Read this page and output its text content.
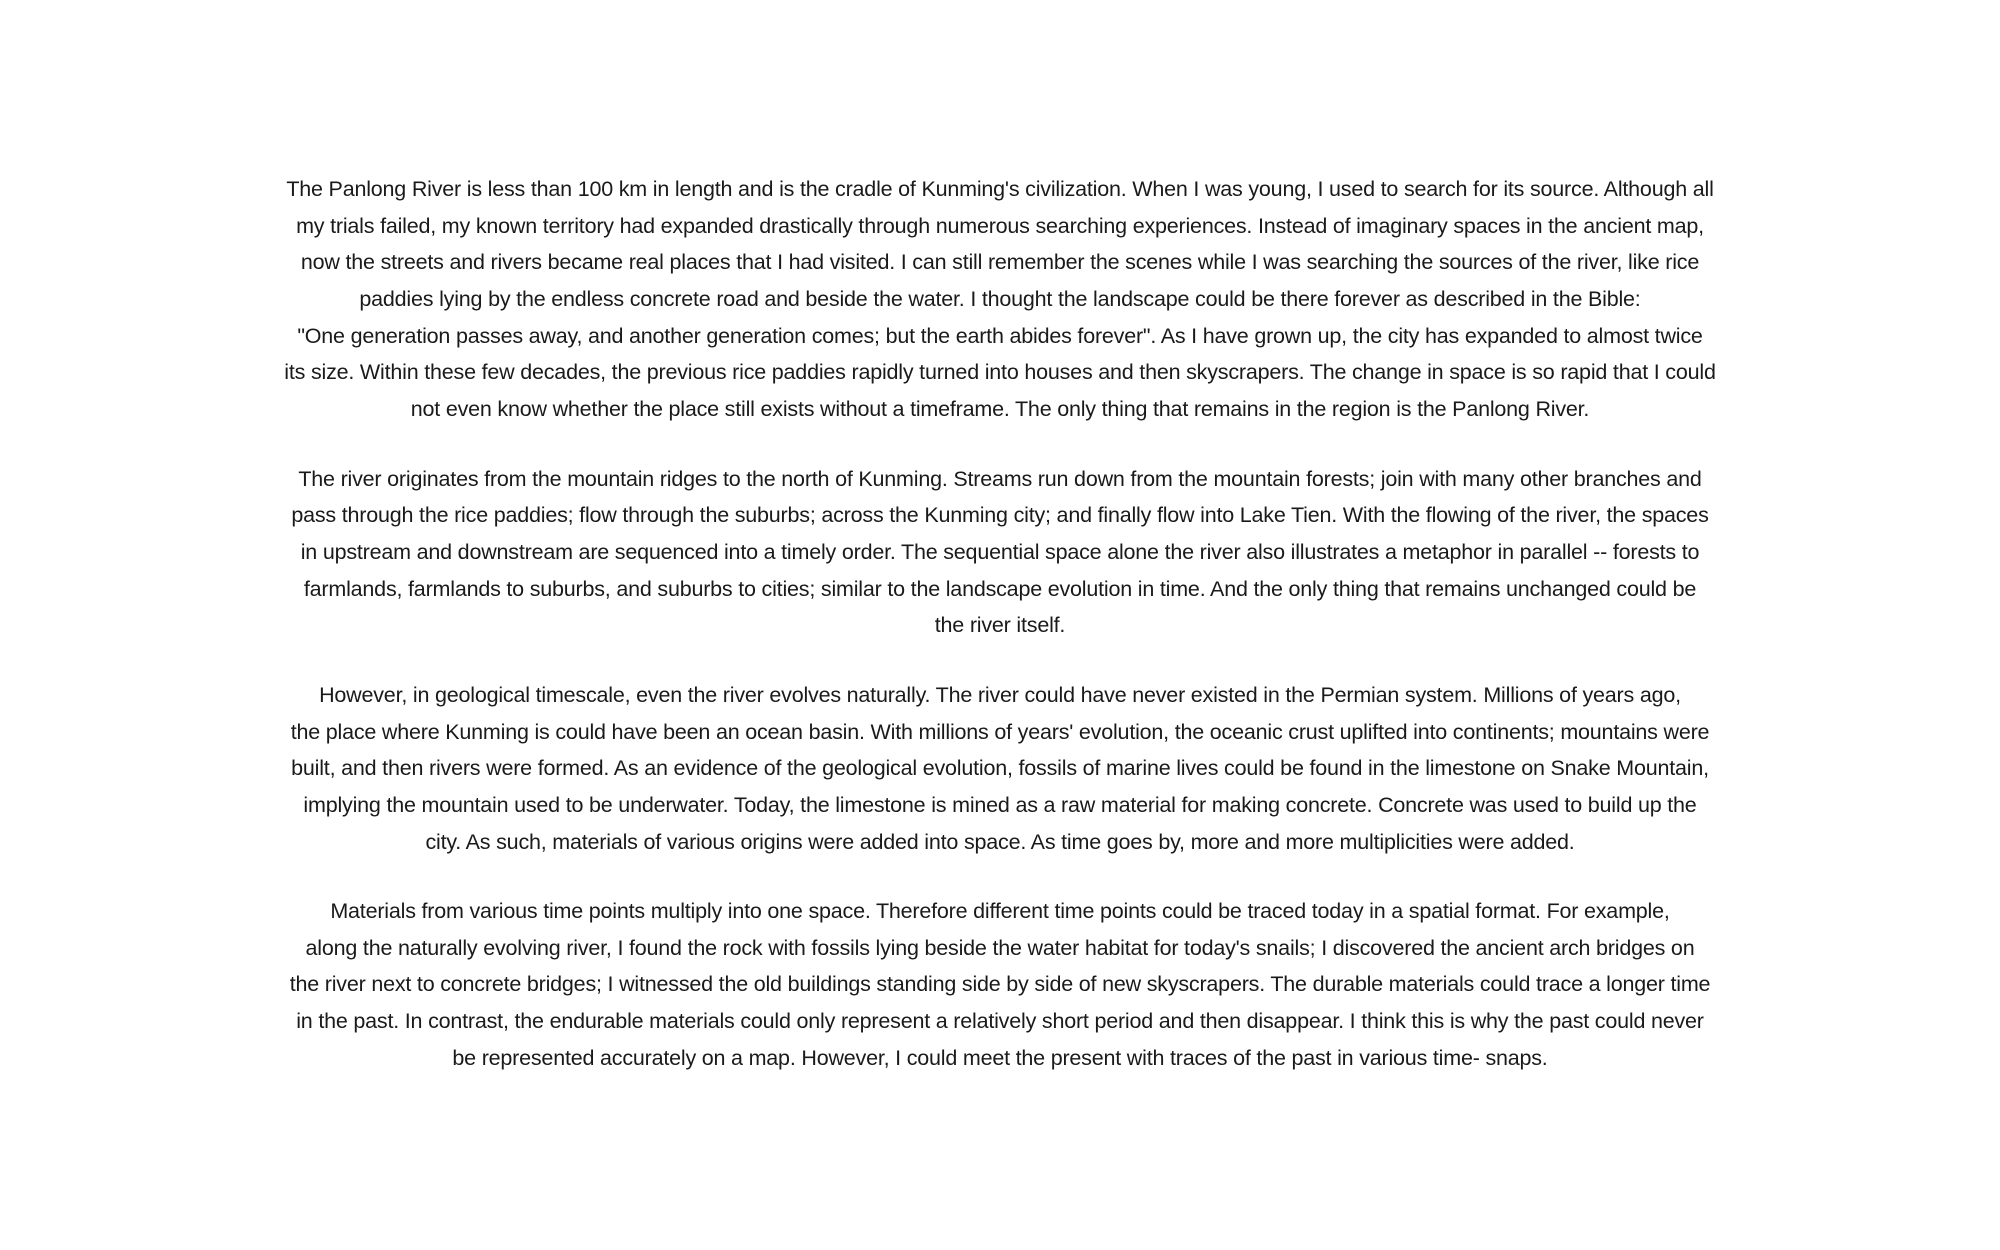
The Panlong River is less than 100 km in length and is the cradle of Kunming's civilization. When I was young, I used to search for its source. Although all
my trials failed, my known territory had expanded drastically through numerous searching experiences. Instead of imaginary spaces in the ancient map,
now the streets and rivers became real places that I had visited. I can still remember the scenes while I was searching the sources of the river, like rice
paddies lying by the endless concrete road and beside the water. I thought the landscape could be there forever as described in the Bible:
"One generation passes away, and another generation comes; but the earth abides forever". As I have grown up, the city has expanded to almost twice
its size. Within these few decades, the previous rice paddies rapidly turned into houses and then skyscrapers. The change in space is so rapid that I could
not even know whether the place still exists without a timeframe. The only thing that remains in the region is the Panlong River.

The river originates from the mountain ridges to the north of Kunming. Streams run down from the mountain forests; join with many other branches and
pass through the rice paddies; flow through the suburbs; across the Kunming city; and finally flow into Lake Tien. With the flowing of the river, the spaces
in upstream and downstream are sequenced into a timely order. The sequential space alone the river also illustrates a metaphor in parallel -- forests to
farmlands, farmlands to suburbs, and suburbs to cities; similar to the landscape evolution in time. And the only thing that remains unchanged could be
the river itself.

However, in geological timescale, even the river evolves naturally. The river could have never existed in the Permian system. Millions of years ago,
the place where Kunming is could have been an ocean basin. With millions of years' evolution, the oceanic crust uplifted into continents; mountains were
built, and then rivers were formed. As an evidence of the geological evolution, fossils of marine lives could be found in the limestone on Snake Mountain,
implying the mountain used to be underwater. Today, the limestone is mined as a raw material for making concrete. Concrete was used to build up the
city. As such, materials of various origins were added into space. As time goes by, more and more multiplicities were added.

Materials from various time points multiply into one space. Therefore different time points could be traced today in a spatial format. For example,
along the naturally evolving river, I found the rock with fossils lying beside the water habitat for today's snails; I discovered the ancient arch bridges on
the river next to concrete bridges; I witnessed the old buildings standing side by side of new skyscrapers. The durable materials could trace a longer time
in the past. In contrast, the endurable materials could only represent a relatively short period and then disappear. I think this is why the past could never
be represented accurately on a map. However, I could meet the present with traces of the past in various time- snaps.
